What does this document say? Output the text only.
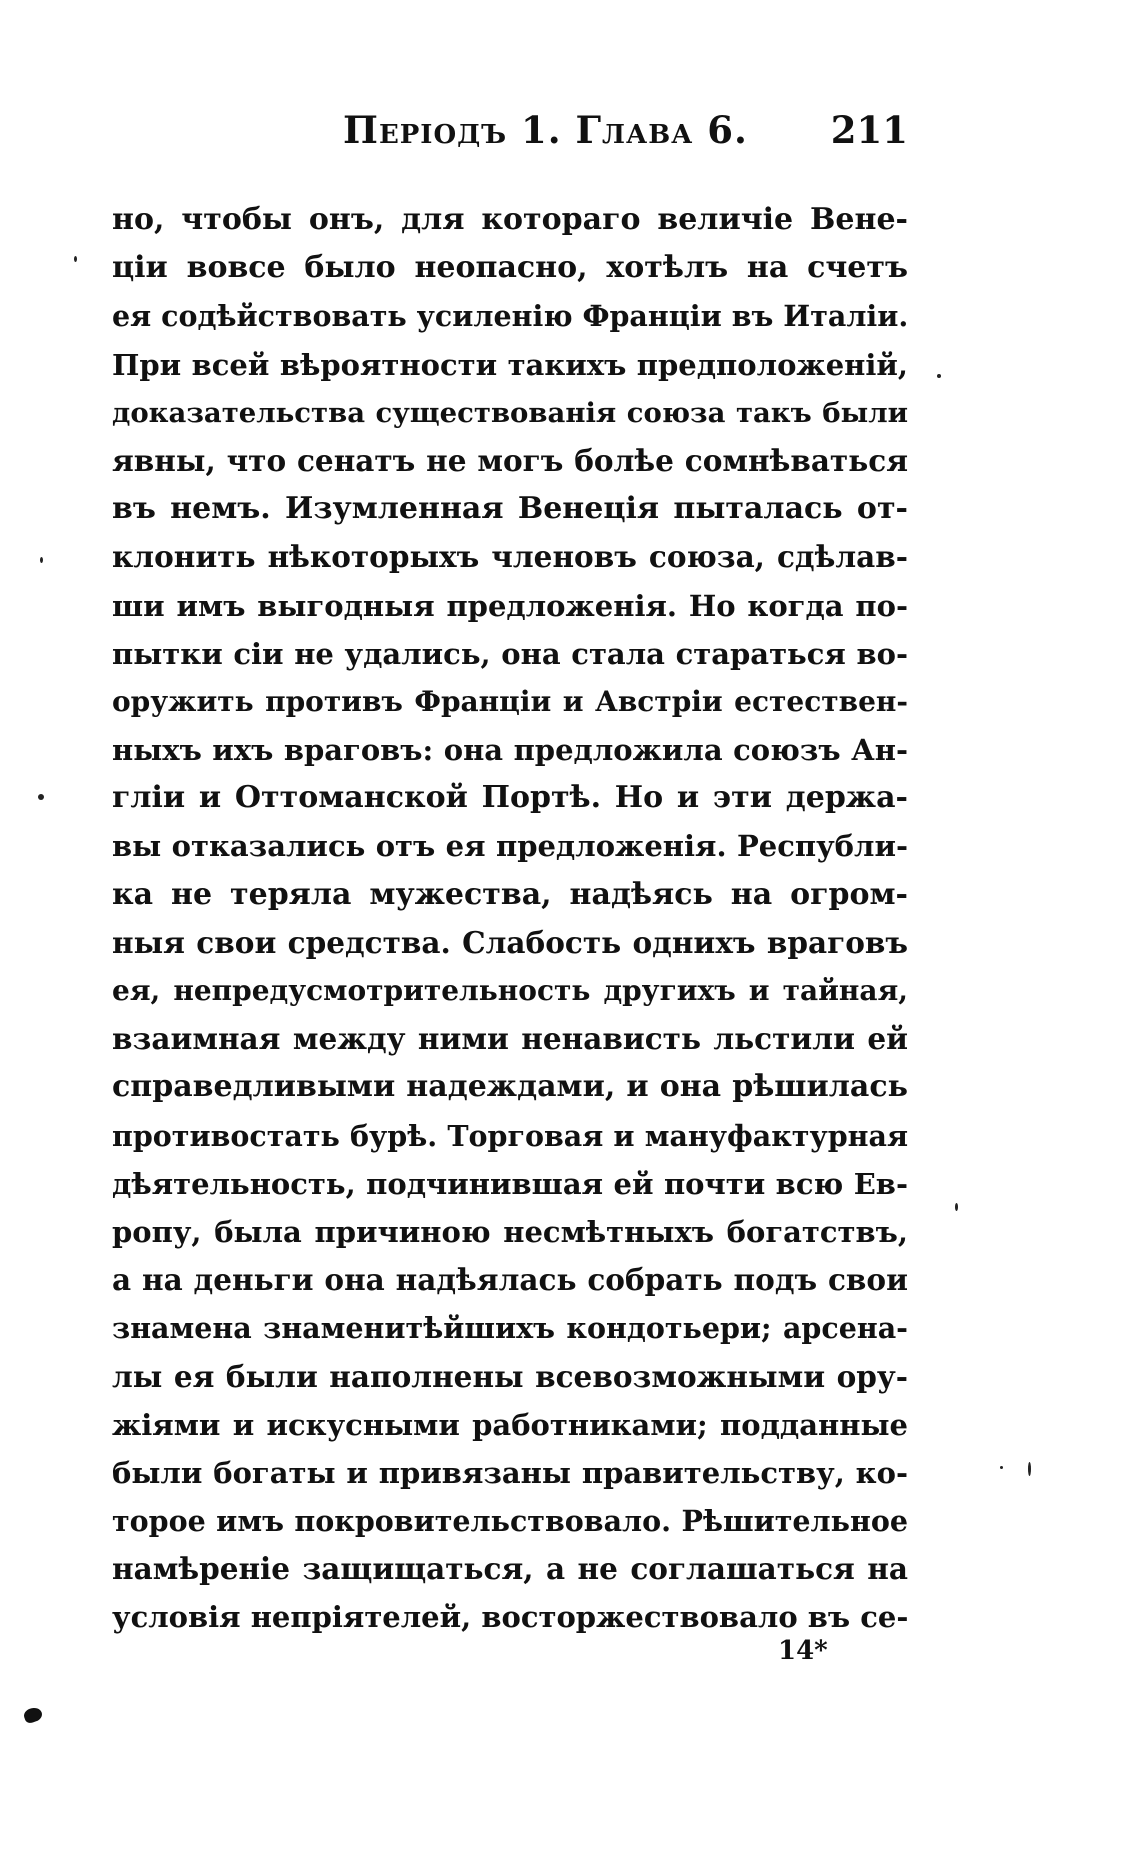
Періодъ 1. Глава 6. 211
но, чтобы онъ, для котораго величіе Вене-
ціи вовсе было неопасно, хотѣлъ на счетъ
ея содѣйствовать усиленію Франціи въ Италіи.
При всей вѣроятности такихъ предположеній,
доказательства существованія союза такъ были
явны, что сенатъ не могъ болѣе сомнѣваться
въ немъ. Изумленная Венеція пыталась от-
клонить нѣкоторыхъ членовъ союза, сдѣлав-
ши имъ выгодныя предложенія. Но когда по-
пытки сіи не удались, она стала стараться во-
оружить противъ Франціи и Австріи естествен-
ныхъ ихъ враговъ: она предложила союзъ Ан-
гліи и Оттоманской Портѣ. Но и эти держа-
вы отказались отъ ея предложенія. Республи-
ка не теряла мужества, надѣясь на огром-
ныя свои средства. Слабость однихъ враговъ
ея, непредусмотрительность другихъ и тайная,
взаимная между ними ненависть льстили ей
справедливыми надеждами, и она рѣшилась
противостать бурѣ. Торговая и мануфактурная
дѣятельность, подчинившая ей почти всю Ев-
ропу, была причиною несмѣтныхъ богатствъ,
а на деньги она надѣялась собрать подъ свои
знамена знаменитѣйшихъ кондотьери; арсена-
лы ея были наполнены всевозможными ору-
жіями и искусными работниками; подданные
были богаты и привязаны правительству, ко-
торое имъ покровительствовало. Рѣшительное
намѣреніе защищаться, а не соглашаться на
условія непріятелей, восторжествовало въ се-
14*
